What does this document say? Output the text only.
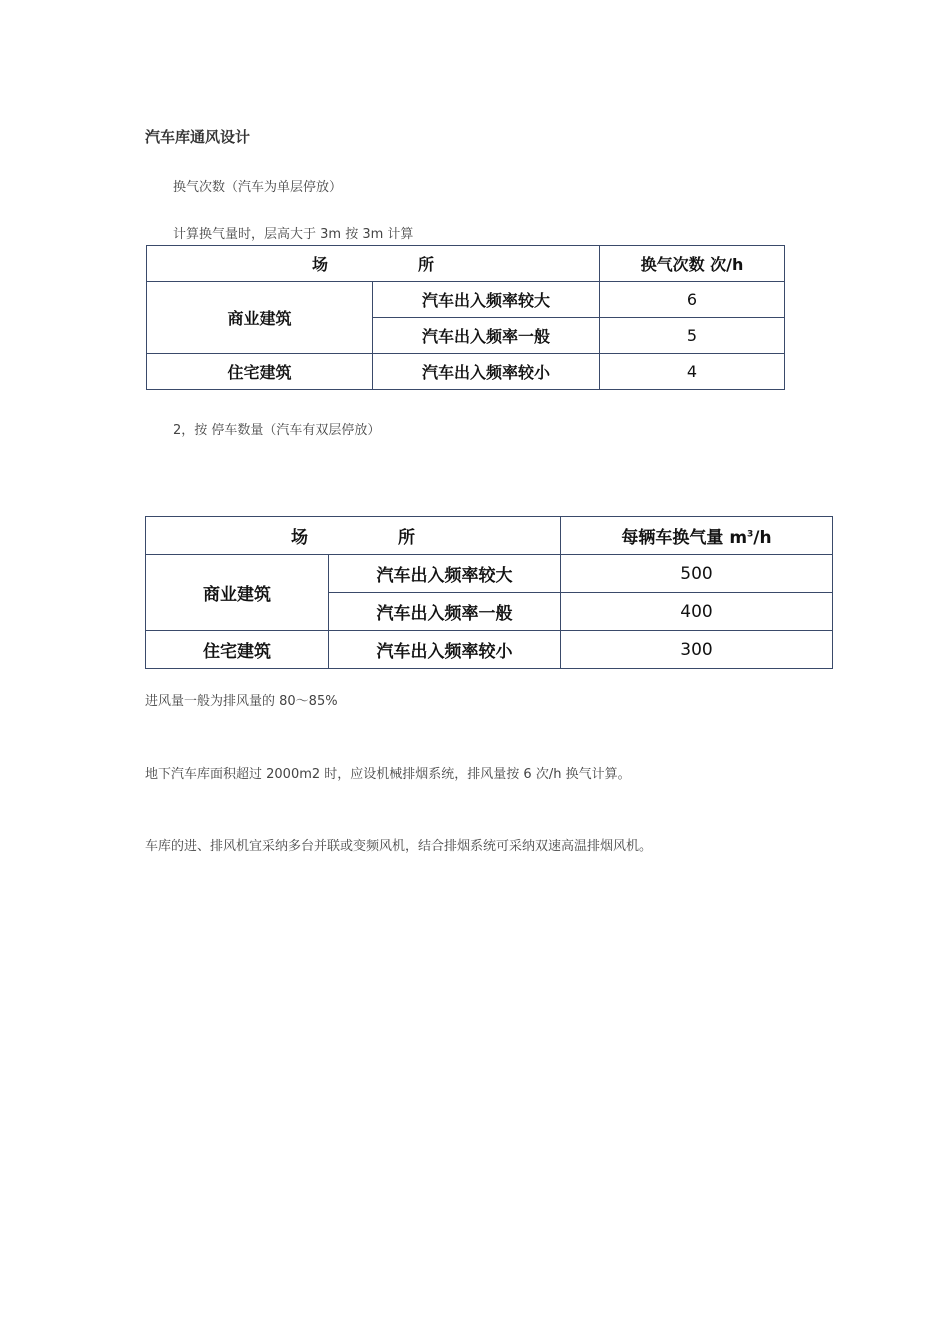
汽车库通风设计
换气次数（汽车为单层停放）
计算换气量时，层高大于 3m 按 3m 计算
场 所		换气次数 次/h
商业建筑	汽车出入频率较大	6
	汽车出入频率一般	5
住宅建筑	汽车出入频率较小	4
2，按 停车数量（汽车有双层停放）
场 所		每辆车换气量 $m^3/h$
商业建筑	汽车出入频率较大	500
	汽车出入频率一般	400
住宅建筑	汽车出入频率较小	300
进风量一般为排风量的 80～85%
地下汽车库面积超过 2000m2 时，应设机械排烟系统，排风量按 6 次/h 换气计算。
车库的进、排风机宜采纳多台并联或变频风机，结合排烟系统可采纳双速高温排烟风机。
